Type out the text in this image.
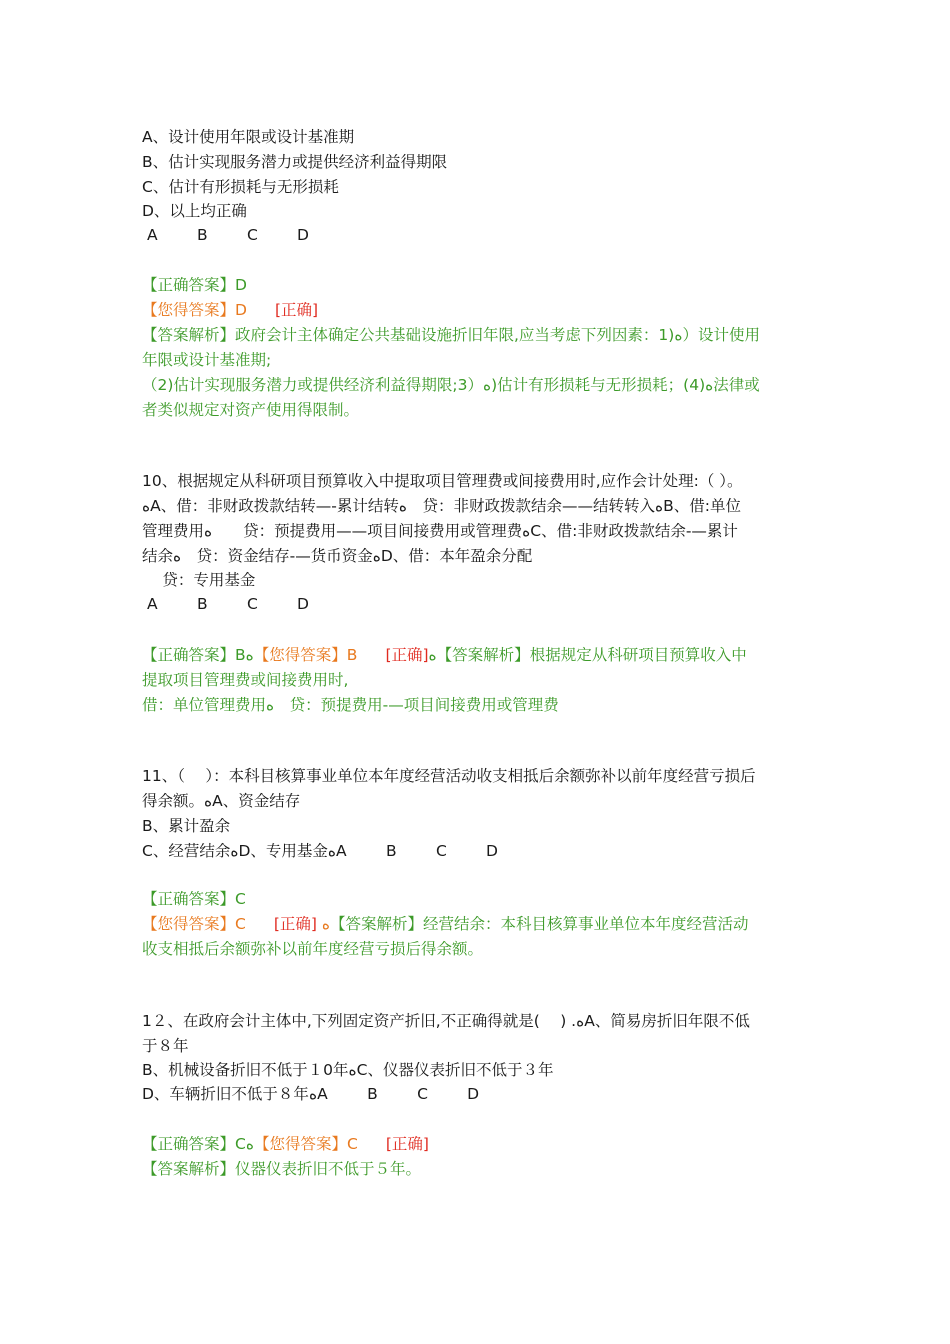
A、设计使用年限或设计基准期
B、估计实现服务潜力或提供经济利益得期限
C、估计有形损耗与无形损耗
D、以上均正确
A	B	C	D
【正确答案】D
【您得答案】D [正确]
【答案解析】政府会计主体确定公共基础设施折旧年限,应当考虑下列因素：1)ﻩ）设计使用
年限或设计基准期;
（2)估计实现服务潜力或提供经济利益得期限;3）ﻩ)估计有形损耗与无形损耗；(4)ﻩ法律或
者类似规定对资产使用得限制。
10、根据规定从科研项目预算收入中提取项目管理费或间接费用时,应作会计处理:（ ）。
ﻩA、借：非财政拨款结转—-累计结转ﻩ　贷：非财政拨款结余——结转转入ﻩB、借:单位
管理费用ﻩ　　贷：预提费用——项目间接费用或管理费ﻩC、借:非财政拨款结余-—累计
结余ﻩ　贷：资金结存-—货币资金ﻩD、借：本年盈余分配
　 贷：专用基金
A	B	C	D
【正确答案】Bﻩ【您得答案】B [正确]ﻩ【答案解析】根据规定从科研项目预算收入中
提取项目管理费或间接费用时,
借：单位管理费用ﻩ　贷：预提费用-—项目间接费用或管理费
11、（　 ）：本科目核算事业单位本年度经营活动收支相抵后余额弥补以前年度经营亏损后
得余额。ﻩA、资金结存
B、累计盈余
C、经营结余ﻩD、专用基金ﻩA	B	C	D
【正确答案】C
【您得答案】C [正确] ﻩ【答案解析】经营结余：本科目核算事业单位本年度经营活动
收支相抵后余额弥补以前年度经营亏损后得余额。
1２、在政府会计主体中,下列固定资产折旧,不正确得就是(　 ) .ﻩA、简易房折旧年限不低
于８年
B、机械设备折旧不低于１0年ﻩC、仪器仪表折旧不低于３年
D、车辆折旧不低于８年ﻩA	B	C	D
【正确答案】Cﻩ【您得答案】C [正确]
【答案解析】仪器仪表折旧不低于５年。
